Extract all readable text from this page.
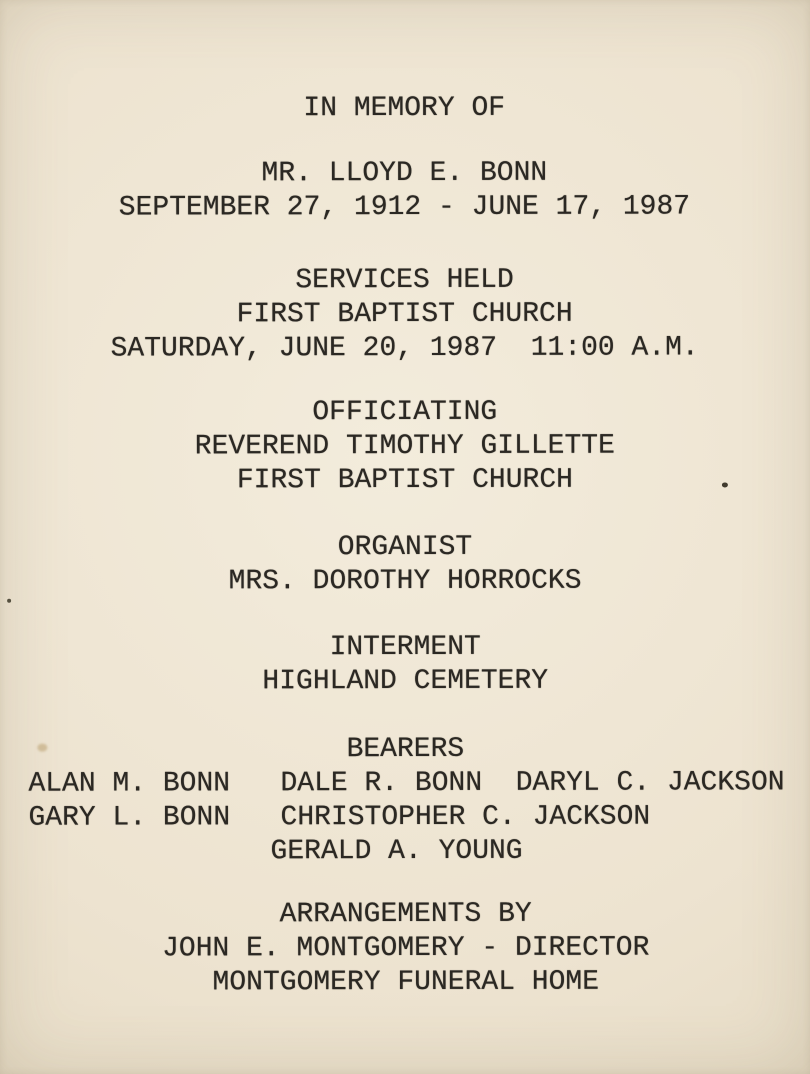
IN MEMORY OF
MR. LLOYD E. BONN
SEPTEMBER 27, 1912 - JUNE 17, 1987
SERVICES HELD
FIRST BAPTIST CHURCH
SATURDAY, JUNE 20, 1987  11:00 A.M.
OFFICIATING
REVEREND TIMOTHY GILLETTE
FIRST BAPTIST CHURCH
ORGANIST
MRS. DOROTHY HORROCKS
INTERMENT
HIGHLAND CEMETERY
BEARERS
ALAN M. BONN   DALE R. BONN  DARYL C. JACKSON
GARY L. BONN   CHRISTOPHER C. JACKSON
GERALD A. YOUNG
ARRANGEMENTS BY
JOHN E. MONTGOMERY - DIRECTOR
MONTGOMERY FUNERAL HOME
